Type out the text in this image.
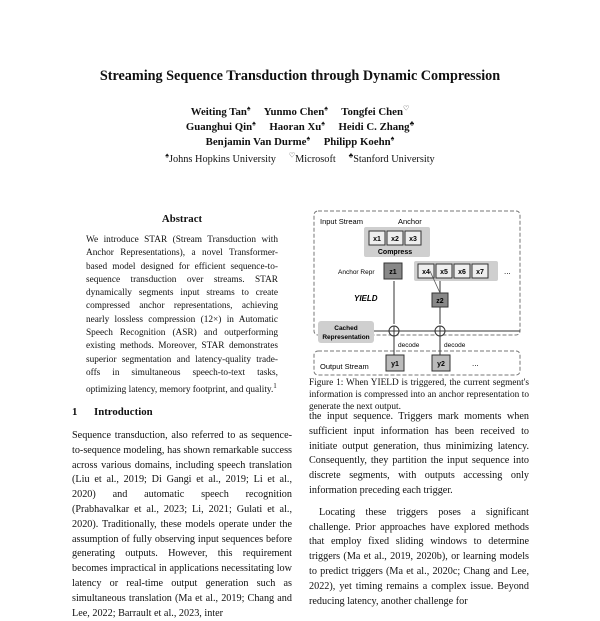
Streaming Sequence Transduction through Dynamic Compression
Weiting Tan♠ Yunmo Chen♠ Tongfei Chen♡
Guanghui Qin♠ Haoran Xu♠ Heidi C. Zhang♣
Benjamin Van Durme♠ Philipp Koehn♠
♠Johns Hopkins University ♡Microsoft ♣Stanford University
Abstract

We introduce STAR (Stream Transduction with Anchor Representations), a novel Transformer-based model designed for efficient sequence-to-sequence transduction over streams. STAR dynamically segments input streams to create compressed anchor representations, achieving nearly lossless compression (12×) in Automatic Speech Recognition (ASR) and outperforming existing methods. Moreover, STAR demonstrates superior segmentation and latency-quality trade-offs in simultaneous speech-to-text tasks, optimizing latency, memory footprint, and quality.$^1$

1 Introduction

Sequence transduction, also referred to as sequence-to-sequence modeling, has shown remarkable success across various domains, including speech translation (Liu et al., 2019; Di Gangi et al., 2019; Li et al., 2020) and automatic speech recognition (Prabhavalkar et al., 2023; Li, 2021; Gulati et al., 2020). Traditionally, these models operate under the assumption of fully observing input sequences before generating outputs. However, this requirement becomes impractical in applications necessitating low latency or real-time output generation such as simultaneous translation (Ma et al., 2019; Chang and Lee, 2022; Barrault et al., 2023, inter

Input Stream	Anchor
x1 x2 x3
Compress
Anchor Repr z1	x4 x5 x6 x7	...
YIELD	z2
Cached
Representation
decode	decode
Output Stream	y1	y2	...
Figure 1: When YIELD is triggered, the current segment's information is compressed into an anchor representation to generate the next output.

the input sequence. Triggers mark moments when sufficient input information has been received to initiate output generation, thus minimizing latency. Consequently, they partition the input sequence into discrete segments, with outputs accessing only information preceding each trigger.

Locating these triggers poses a significant challenge. Prior approaches have explored methods that employ fixed sliding windows to determine triggers (Ma et al., 2019, 2020b), or learning models to predict triggers (Ma et al., 2020c; Chang and Lee, 2022), yet timing remains a complex issue. Beyond reducing latency, another challenge for
